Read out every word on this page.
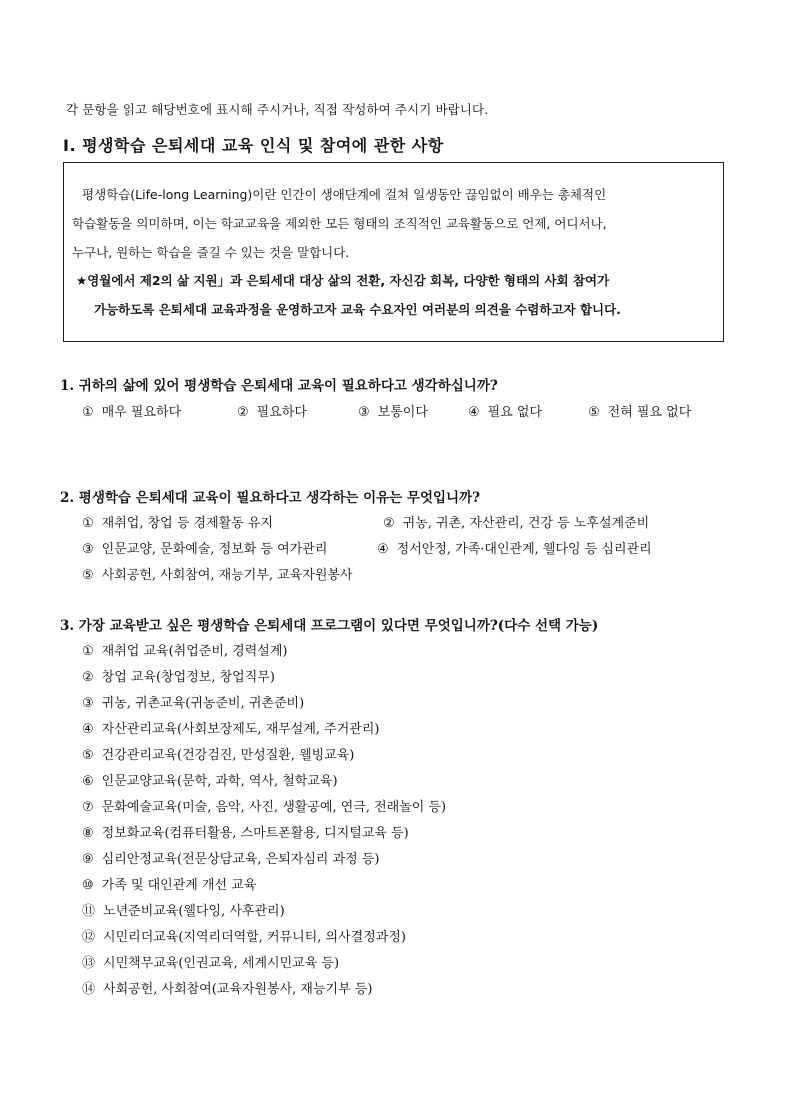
각 문항을 읽고 해당번호에 표시해 주시거나, 직접 작성하여 주시기 바랍니다.
Ⅰ. 평생학습 은퇴세대 교육 인식 및 참여에 관한 사항
평생학습(Life-long Learning)이란 인간이 생애단계에 걸쳐 일생동안 끊임없이 배우는 총체적인
학습활동을 의미하며, 이는 학교교육을 제외한 모든 형태의 조직적인 교육활동으로 언제, 어디서나,
누구나, 원하는 학습을 즐길 수 있는 것을 말합니다.
★영월에서 제2의 삶 지원」과 은퇴세대 대상 삶의 전환, 자신감 회복, 다양한 형태의 사회 참여가
가능하도록 은퇴세대 교육과정을 운영하고자 교육 수요자인 여러분의 의견을 수렴하고자 합니다.
1. 귀하의 삶에 있어 평생학습 은퇴세대 교육이 필요하다고 생각하십니까?
① 매우 필요하다	② 필요하다	③ 보통이다	④ 필요 없다	⑤ 전혀 필요 없다
2. 평생학습 은퇴세대 교육이 필요하다고 생각하는 이유는 무엇입니까?
① 재취업, 창업 등 경제활동 유지	② 귀농, 귀촌, 자산관리, 건강 등 노후설계준비
③ 인문교양, 문화예술, 정보화 등 여가관리	④ 정서안정, 가족·대인관계, 웰다잉 등 심리관리
⑤ 사회공헌, 사회참여, 재능기부, 교육자원봉사
3. 가장 교육받고 싶은 평생학습 은퇴세대 프로그램이 있다면 무엇입니까?(다수 선택 가능)
① 재취업 교육(취업준비, 경력설계)
② 창업 교육(창업정보, 창업직무)
③ 귀농, 귀촌교육(귀농준비, 귀촌준비)
④ 자산관리교육(사회보장제도, 재무설계, 주거관리)
⑤ 건강관리교육(건강검진, 만성질환, 웰빙교육)
⑥ 인문교양교육(문학, 과학, 역사, 철학교육)
⑦ 문화예술교육(미술, 음악, 사진, 생활공예, 연극, 전래놀이 등)
⑧ 정보화교육(컴퓨터활용, 스마트폰활용, 디지털교육 등)
⑨ 심리안정교육(전문상담교육, 은퇴자심리 과정 등)
⑩ 가족 및 대인관계 개선 교육
⑪ 노년준비교육(웰다잉, 사후관리)
⑫ 시민리더교육(지역리더역할, 커뮤니티, 의사결정과정)
⑬ 시민책무교육(인권교육, 세계시민교육 등)
⑭ 사회공헌, 사회참여(교육자원봉사, 재능기부 등)
